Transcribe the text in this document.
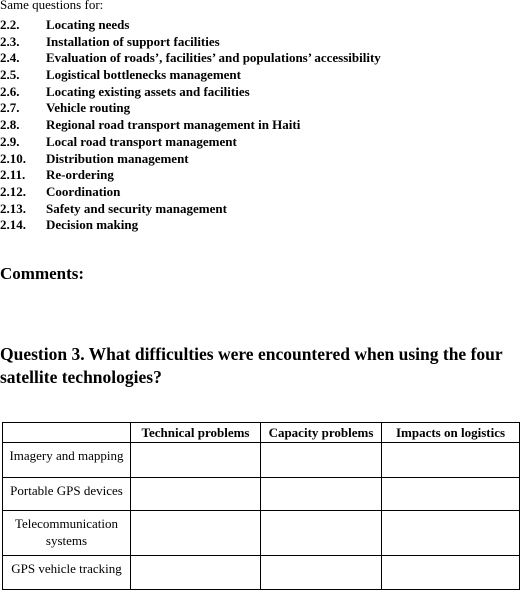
Same questions for:
2.2. Locating needs
2.3. Installation of support facilities
2.4. Evaluation of roads’, facilities’ and populations’ accessibility
2.5. Logistical bottlenecks management
2.6. Locating existing assets and facilities
2.7. Vehicle routing
2.8. Regional road transport management in Haiti
2.9. Local road transport management
2.10. Distribution management
2.11. Re-ordering
2.12. Coordination
2.13. Safety and security management
2.14. Decision making
Comments:
Question 3. What difficulties were encountered when using the four satellite technologies?
	Technical problems	Capacity problems	Impacts on logistics
Imagery and mapping			
Portable GPS devices			
Telecommunication systems			
GPS vehicle tracking			
